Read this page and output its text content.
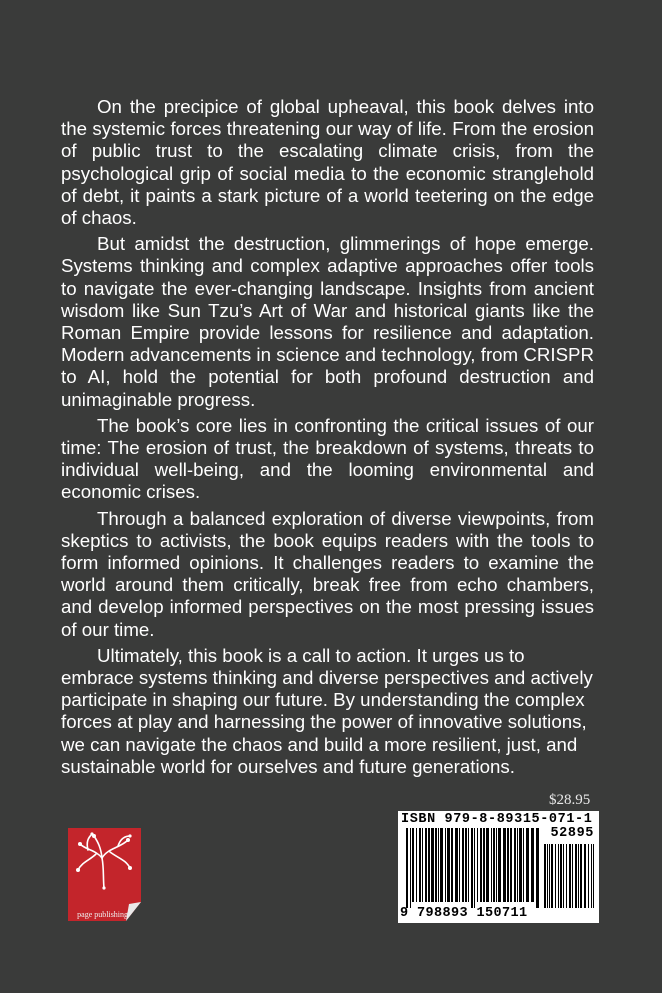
On the precipice of global upheaval, this book delves into the systemic forces threatening our way of life. From the erosion of public trust to the escalating climate crisis, from the psychological grip of social media to the economic stranglehold of debt, it paints a stark picture of a world teetering on the edge of chaos.

But amidst the destruction, glimmerings of hope emerge. Systems thinking and complex adaptive approaches offer tools to navigate the ever-changing landscape. Insights from ancient wisdom like Sun Tzu’s Art of War and historical giants like the Roman Empire provide lessons for resilience and adaptation. Modern advancements in science and technology, from CRISPR to AI, hold the potential for both profound destruction and unimaginable progress.

The book’s core lies in confronting the critical issues of our time: The erosion of trust, the breakdown of systems, threats to individual well-being, and the looming environmental and economic crises.

Through a balanced exploration of diverse viewpoints, from skeptics to activists, the book equips readers with the tools to form informed opinions. It challenges readers to examine the world around them critically, break free from echo chambers, and develop informed perspectives on the most pressing issues of our time.

Ultimately, this book is a call to action. It urges us to embrace systems thinking and diverse perspectives and actively participate in shaping our future. By understanding the complex forces at play and harnessing the power of innovative solutions, we can navigate the chaos and build a more resilient, just, and sustainable world for ourselves and future generations.

$28.95
ISBN 979-8-89315-071-1
52895
9 798893 150711
page publishing®
